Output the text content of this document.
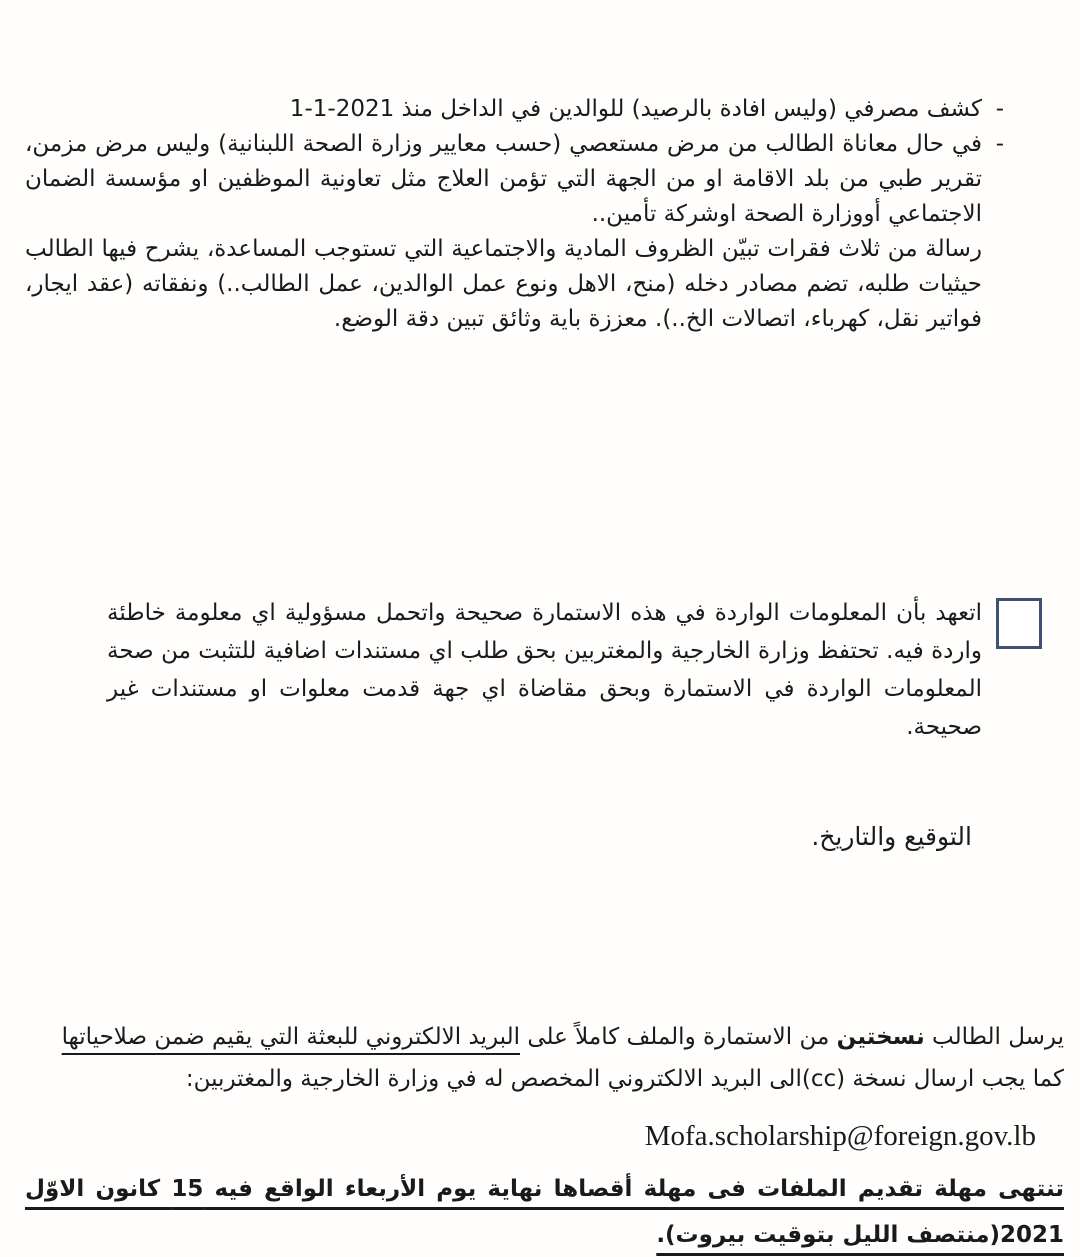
-
كشف مصرفي (وليس افادة بالرصيد) للوالدين في الداخل منذ 2021-1-1

-
في حال معاناة الطالب من مرض مستعصي (حسب معايير وزارة الصحة اللبنانية) وليس مرض مزمن، تقرير طبي من بلد الاقامة او من الجهة التي تؤمن العلاج مثل تعاونية الموظفين او مؤسسة الضمان الاجتماعي أووزارة الصحة اوشركة تأمين..

رسالة من ثلاث فقرات تبيّن الظروف المادية والاجتماعية التي تستوجب المساعدة، يشرح فيها الطالب حيثيات طلبه، تضم مصادر دخله (منح، الاهل ونوع عمل الوالدين، عمل الطالب..) ونفقاته (عقد ايجار، فواتير نقل، كهرباء، اتصالات الخ..). معززة باية وثائق تبين دقة الوضع.

اتعهد بأن المعلومات الواردة في هذه الاستمارة صحيحة واتحمل مسؤولية اي معلومة خاطئة واردة فيه. تحتفظ وزارة الخارجية والمغتربين بحق طلب اي مستندات اضافية للتثبت من صحة المعلومات الواردة في الاستمارة وبحق مقاضاة اي جهة قدمت معلوات او مستندات غير صحيحة.
التوقيع والتاريخ.
يرسل الطالب نسختين من الاستمارة والملف كاملاً على البريد الالكتروني للبعثة التي يقيم ضمن صلاحياتها
كما يجب ارسال نسخة (cc)الى البريد الالكتروني المخصص له في وزارة الخارجية والمغتربين:
Mofa.scholarship@foreign.gov.lb
تنتهى مهلة تقديم الملفات فى مهلة أقصاها نهاية يوم الأربعاء الواقع فيه 15 كانون الاوّل 2021(منتصف الليل بتوقيت بيروت).
